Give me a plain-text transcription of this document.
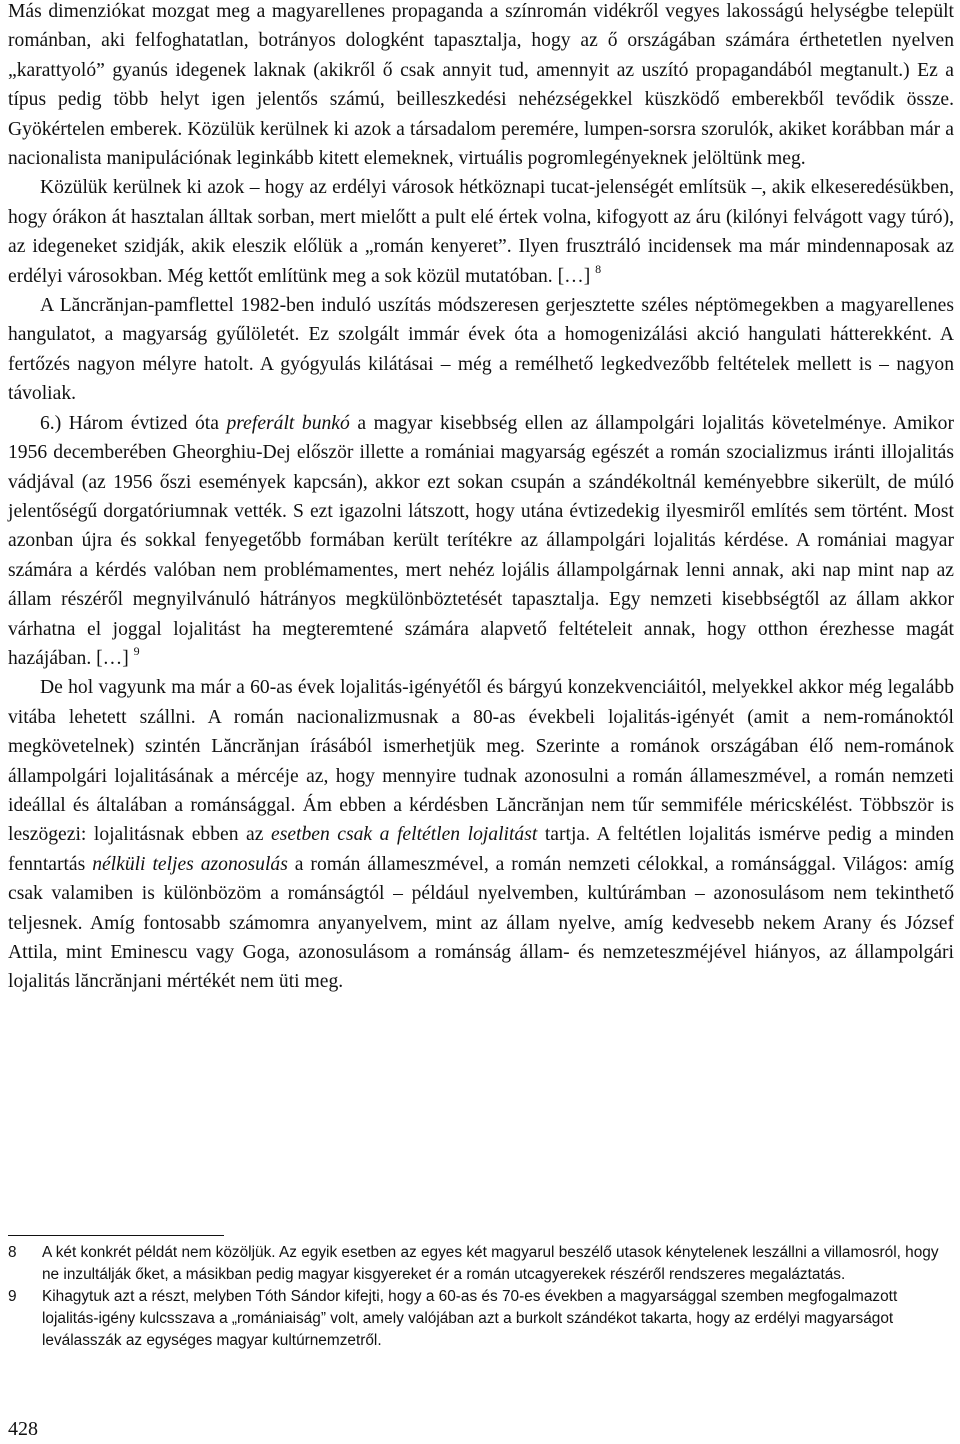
Más dimenziókat mozgat meg a magyarellenes propaganda a színromán vidékről vegyes lakosságú helységbe települt románban, aki felfoghatatlan, botrányos dologként tapasztalja, hogy az ő országában számára érthetetlen nyelven „karattyoló” gyanús idegenek laknak (akikről ő csak annyit tud, amennyit az uszító propagandából megtanult.) Ez a típus pedig több helyt igen jelentős számú, beilleszkedési nehézségekkel küszködő emberekből tevődik össze. Gyökértelen emberek. Közülük kerülnek ki azok a társadalom peremére, lumpen-sorsra szorulók, akiket korábban már a nacionalista manipulációnak leginkább kitett elemeknek, virtuális pogromlegényeknek jelöltünk meg.

Közülük kerülnek ki azok – hogy az erdélyi városok hétköznapi tucat-jelenségét említsük –, akik elkeseredésükben, hogy órákon át hasztalan álltak sorban, mert mielőtt a pult elé értek volna, kifogyott az áru (kilónyi felvágott vagy túró), az idegeneket szidják, akik eleszik előlük a „román kenyeret”. Ilyen frusztráló incidensek ma már mindennaposak az erdélyi városokban. Még kettőt említünk meg a sok közül mutatóban. […] $^8$

A Lăncrănjan-pamflettel 1982-ben induló uszítás módszeresen gerjesztette széles néptömegekben a magyarellenes hangulatot, a magyarság gyűlöletét. Ez szolgált immár évek óta a homogenizálási akció hangulati hátterekként. A fertőzés nagyon mélyre hatolt. A gyógyulás kilátásai – még a remélhető legkedvezőbb feltételek mellett is – nagyon távoliak.

6.) Három évtized óta preferált bunkó a magyar kisebbség ellen az állampolgári lojalitás követelménye. Amikor 1956 decemberében Gheorghiu-Dej először illette a romániai magyarság egészét a román szocializmus iránti illojalitás vádjával (az 1956 őszi események kapcsán), akkor ezt sokan csupán a szándékoltnál keményebbre sikerült, de múló jelentőségű dorgatóriumnak vették. S ezt igazolni látszott, hogy utána évtizedekig ilyesmiről említés sem történt. Most azonban újra és sokkal fenyegetőbb formában került terítékre az állampolgári lojalitás kérdése. A romániai magyar számára a kérdés valóban nem problémamentes, mert nehéz lojális állampolgárnak lenni annak, aki nap mint nap az állam részéről megnyilvánuló hátrányos megkülönböztetését tapasztalja. Egy nemzeti kisebbségtől az állam akkor várhatna el joggal lojalitást ha megteremtené számára alapvető feltételeit annak, hogy otthon érezhesse magát hazájában. […] $^9$

De hol vagyunk ma már a 60-as évek lojalitás-igényétől és bárgyú konzekvenciáitól, melyekkel akkor még legalább vitába lehetett szállni. A román nacionalizmusnak a 80-as évekbeli lojalitás-igényét (amit a nem-románoktól megkövetelnek) szintén Lăncrănjan írásából ismerhetjük meg. Szerinte a románok országában élő nem-románok állampolgári lojalitásának a mércéje az, hogy mennyire tudnak azonosulni a román állameszmével, a román nemzeti ideállal és általában a románsággal. Ám ebben a kérdésben Lăncrănjan nem tűr semmiféle méricskélést. Többször is leszögezi: lojalitásnak ebben az esetben csak a feltétlen lojalitást tartja. A feltétlen lojalitás ismérve pedig a minden fenntartás nélküli teljes azonosulás a román állameszmével, a román nemzeti célokkal, a románsággal. Világos: amíg csak valamiben is különbözöm a románságtól – például nyelvemben, kultúrámban – azonosulásom nem tekinthető teljesnek. Amíg fontosabb számomra anyanyelvem, mint az állam nyelve, amíg kedvesebb nekem Arany és József Attila, mint Eminescu vagy Goga, azonosulásom a románság állam- és nemzeteszméjével hiányos, az állampolgári lojalitás lăncrănjani mértékét nem üti meg.

8 A két konkrét példát nem közöljük. Az egyik esetben az egyes két magyarul beszélő utasok kénytelenek leszállni a villamosról, hogy ne inzultálják őket, a másikban pedig magyar kisgyereket ér a román utcagyerekek részéről rendszeres megaláztatás.

9 Kihagytuk azt a részt, melyben Tóth Sándor kifejti, hogy a 60-as és 70-es években a magyarsággal szemben megfogalmazott lojalitás-igény kulcsszava a „romániaiság” volt, amely valójában azt a burkolt szándékot takarta, hogy az erdélyi magyarságot leválasszák az egységes magyar kultúrnemzetről.

428
